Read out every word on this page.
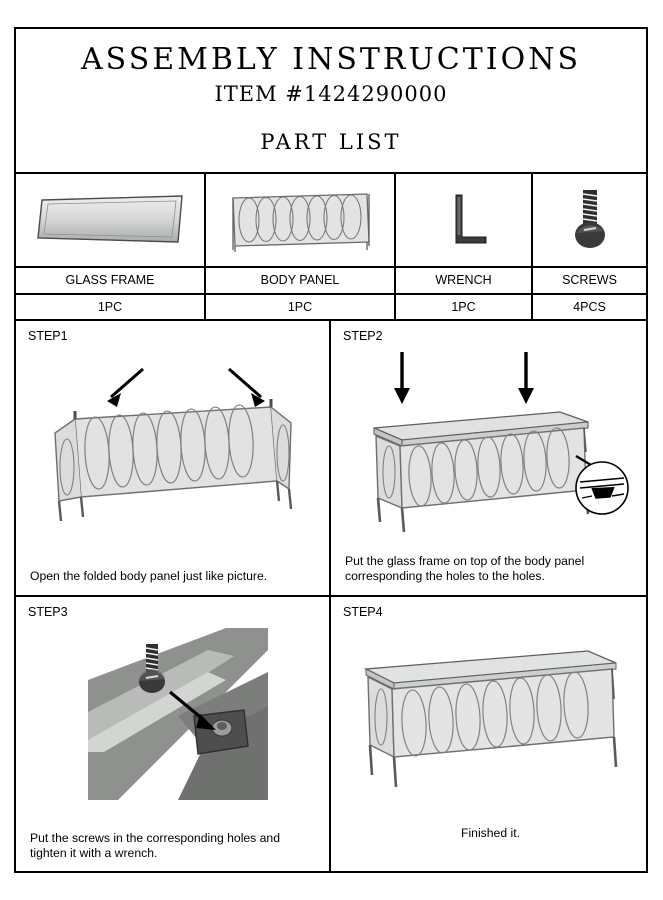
ASSEMBLY INSTRUCTIONS
ITEM #1424290000
PART LIST
GLASS FRAME
1PC
BODY PANEL
1PC
WRENCH
1PC
SCREWS
4PCS
STEP1
Open the folded body panel just like picture.
STEP2
Put the glass frame on top of the body panel corresponding the holes to the holes.
STEP3
Put the screws in the corresponding holes and tighten it with a wrench.
STEP4
Finished it.
